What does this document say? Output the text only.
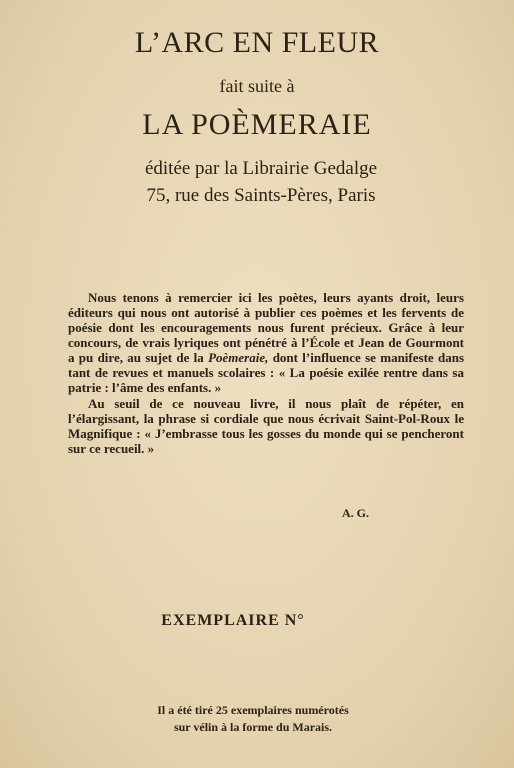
L’ARC EN FLEUR
fait suite à
LA POÈMERAIE
éditée par la Librairie Gedalge
75, rue des Saints-Pères, Paris

Nous tenons à remercier ici les poètes, leurs ayants droit, leurs éditeurs qui nous ont autorisé à publier ces poèmes et les fervents de poésie dont les encouragements nous furent précieux. Grâce à leur concours, de vrais lyriques ont pénétré à l’École et Jean de Gourmont a pu dire, au sujet de la Poèmeraie, dont l’influence se manifeste dans tant de revues et manuels scolaires : « La poésie exilée rentre dans sa patrie : l’âme des enfants. »

Au seuil de ce nouveau livre, il nous plaît de répéter, en l’élargissant, la phrase si cordiale que nous écrivait Saint-Pol-Roux le Magnifique : « J’embrasse tous les gosses du monde qui se pencheront sur ce recueil. »

A. G.
EXEMPLAIRE N°
Il a été tiré 25 exemplaires numérotés
sur vélin à la forme du Marais.
